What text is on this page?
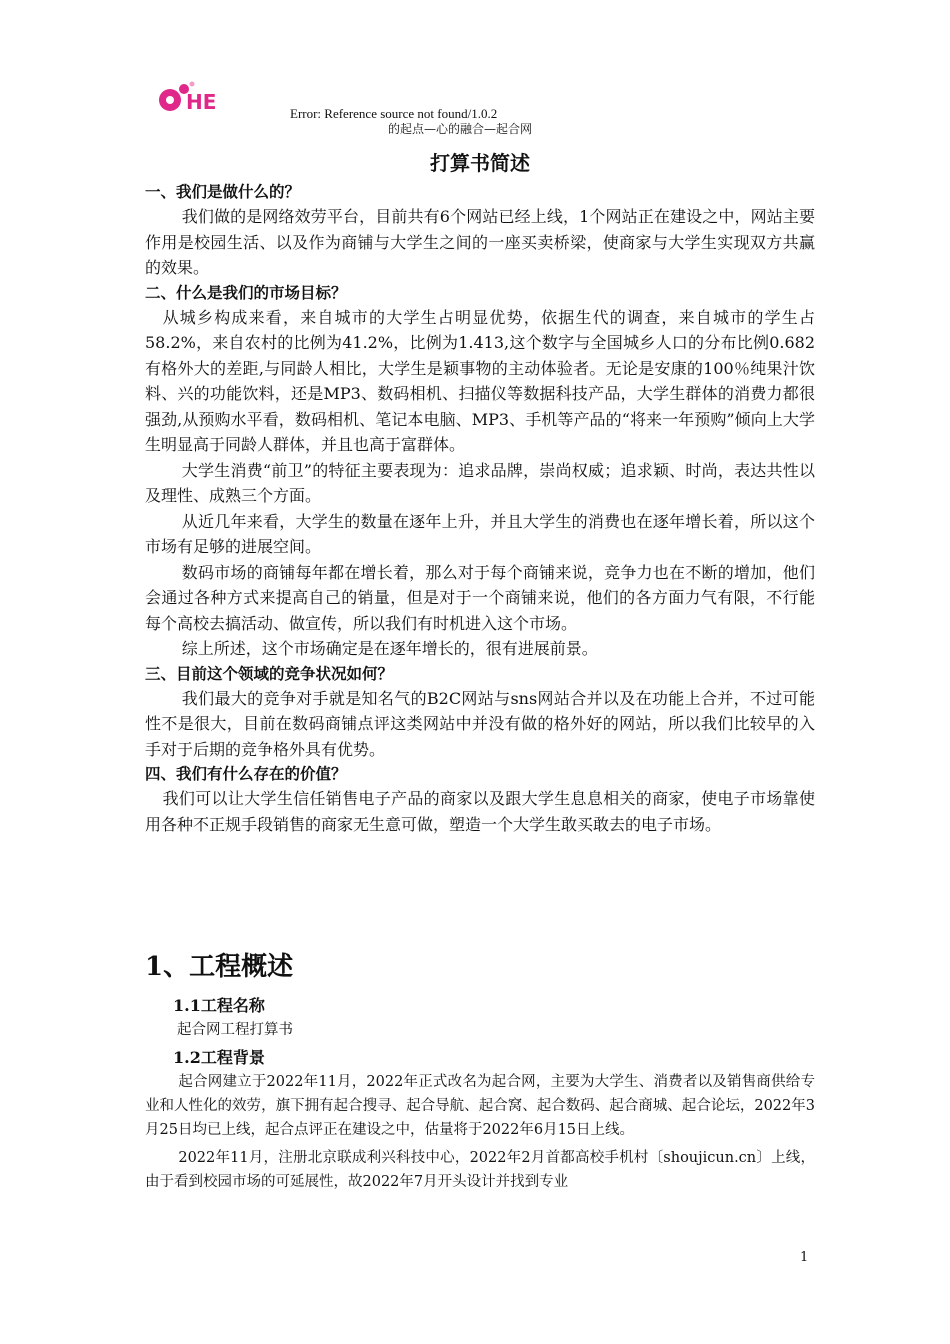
HE	Error: Reference source not found/1.0.2
的起点—心的融合—起合网
打算书简述
一、我们是做什么的？

我们做的是网络效劳平台，目前共有6个网站已经上线，1个网站正在建设之中，网站主要作用是校园生活、以及作为商铺与大学生之间的一座买卖桥梁，使商家与大学生实现双方共赢的效果。

二、什么是我们的市场目标？

从城乡构成来看，来自城市的大学生占明显优势，依据生代的调查，来自城市的学生占58.2%，来自农村的比例为41.2%，比例为1.413,这个数字与全国城乡人口的分布比例0.682有格外大的差距,与同龄人相比，大学生是颖事物的主动体验者。无论是安康的100％纯果汁饮料、兴的功能饮料，还是MP3、数码相机、扫描仪等数据科技产品，大学生群体的消费力都很强劲,从预购水平看，数码相机、笔记本电脑、MP3、手机等产品的“将来一年预购”倾向上大学生明显高于同龄人群体，并且也高于富群体。

大学生消费“前卫”的特征主要表现为：追求品牌，崇尚权威；追求颖、时尚，表达共性以及理性、成熟三个方面。

从近几年来看，大学生的数量在逐年上升，并且大学生的消费也在逐年增长着，所以这个市场有足够的进展空间。

数码市场的商铺每年都在增长着，那么对于每个商铺来说，竞争力也在不断的增加，他们会通过各种方式来提高自己的销量，但是对于一个商铺来说，他们的各方面力气有限，不行能每个高校去搞活动、做宣传，所以我们有时机进入这个市场。

综上所述，这个市场确定是在逐年增长的，很有进展前景。

三、目前这个领域的竞争状况如何？

我们最大的竞争对手就是知名气的B2C网站与sns网站合并以及在功能上合并，不过可能性不是很大，目前在数码商铺点评这类网站中并没有做的格外好的网站，所以我们比较早的入手对于后期的竞争格外具有优势。

四、我们有什么存在的价值？

我们可以让大学生信任销售电子产品的商家以及跟大学生息息相关的商家，使电子市场靠使用各种不正规手段销售的商家无生意可做，塑造一个大学生敢买敢去的电子市场。

1、工程概述
1.1工程名称

起合网工程打算书

1.2工程背景

起合网建立于2022年11月，2022年正式改名为起合网，主要为大学生、消费者以及销售商供给专业和人性化的效劳，旗下拥有起合搜寻、起合导航、起合窝、起合数码、起合商城、起合论坛，2022年3月25日均已上线，起合点评正在建设之中，估量将于2022年6月15日上线。

2022年11月，注册北京联成利兴科技中心，2022年2月首都高校手机村〔shoujicun.cn〕上线，由于看到校园市场的可延展性，故2022年7月开头设计并找到专业

1
